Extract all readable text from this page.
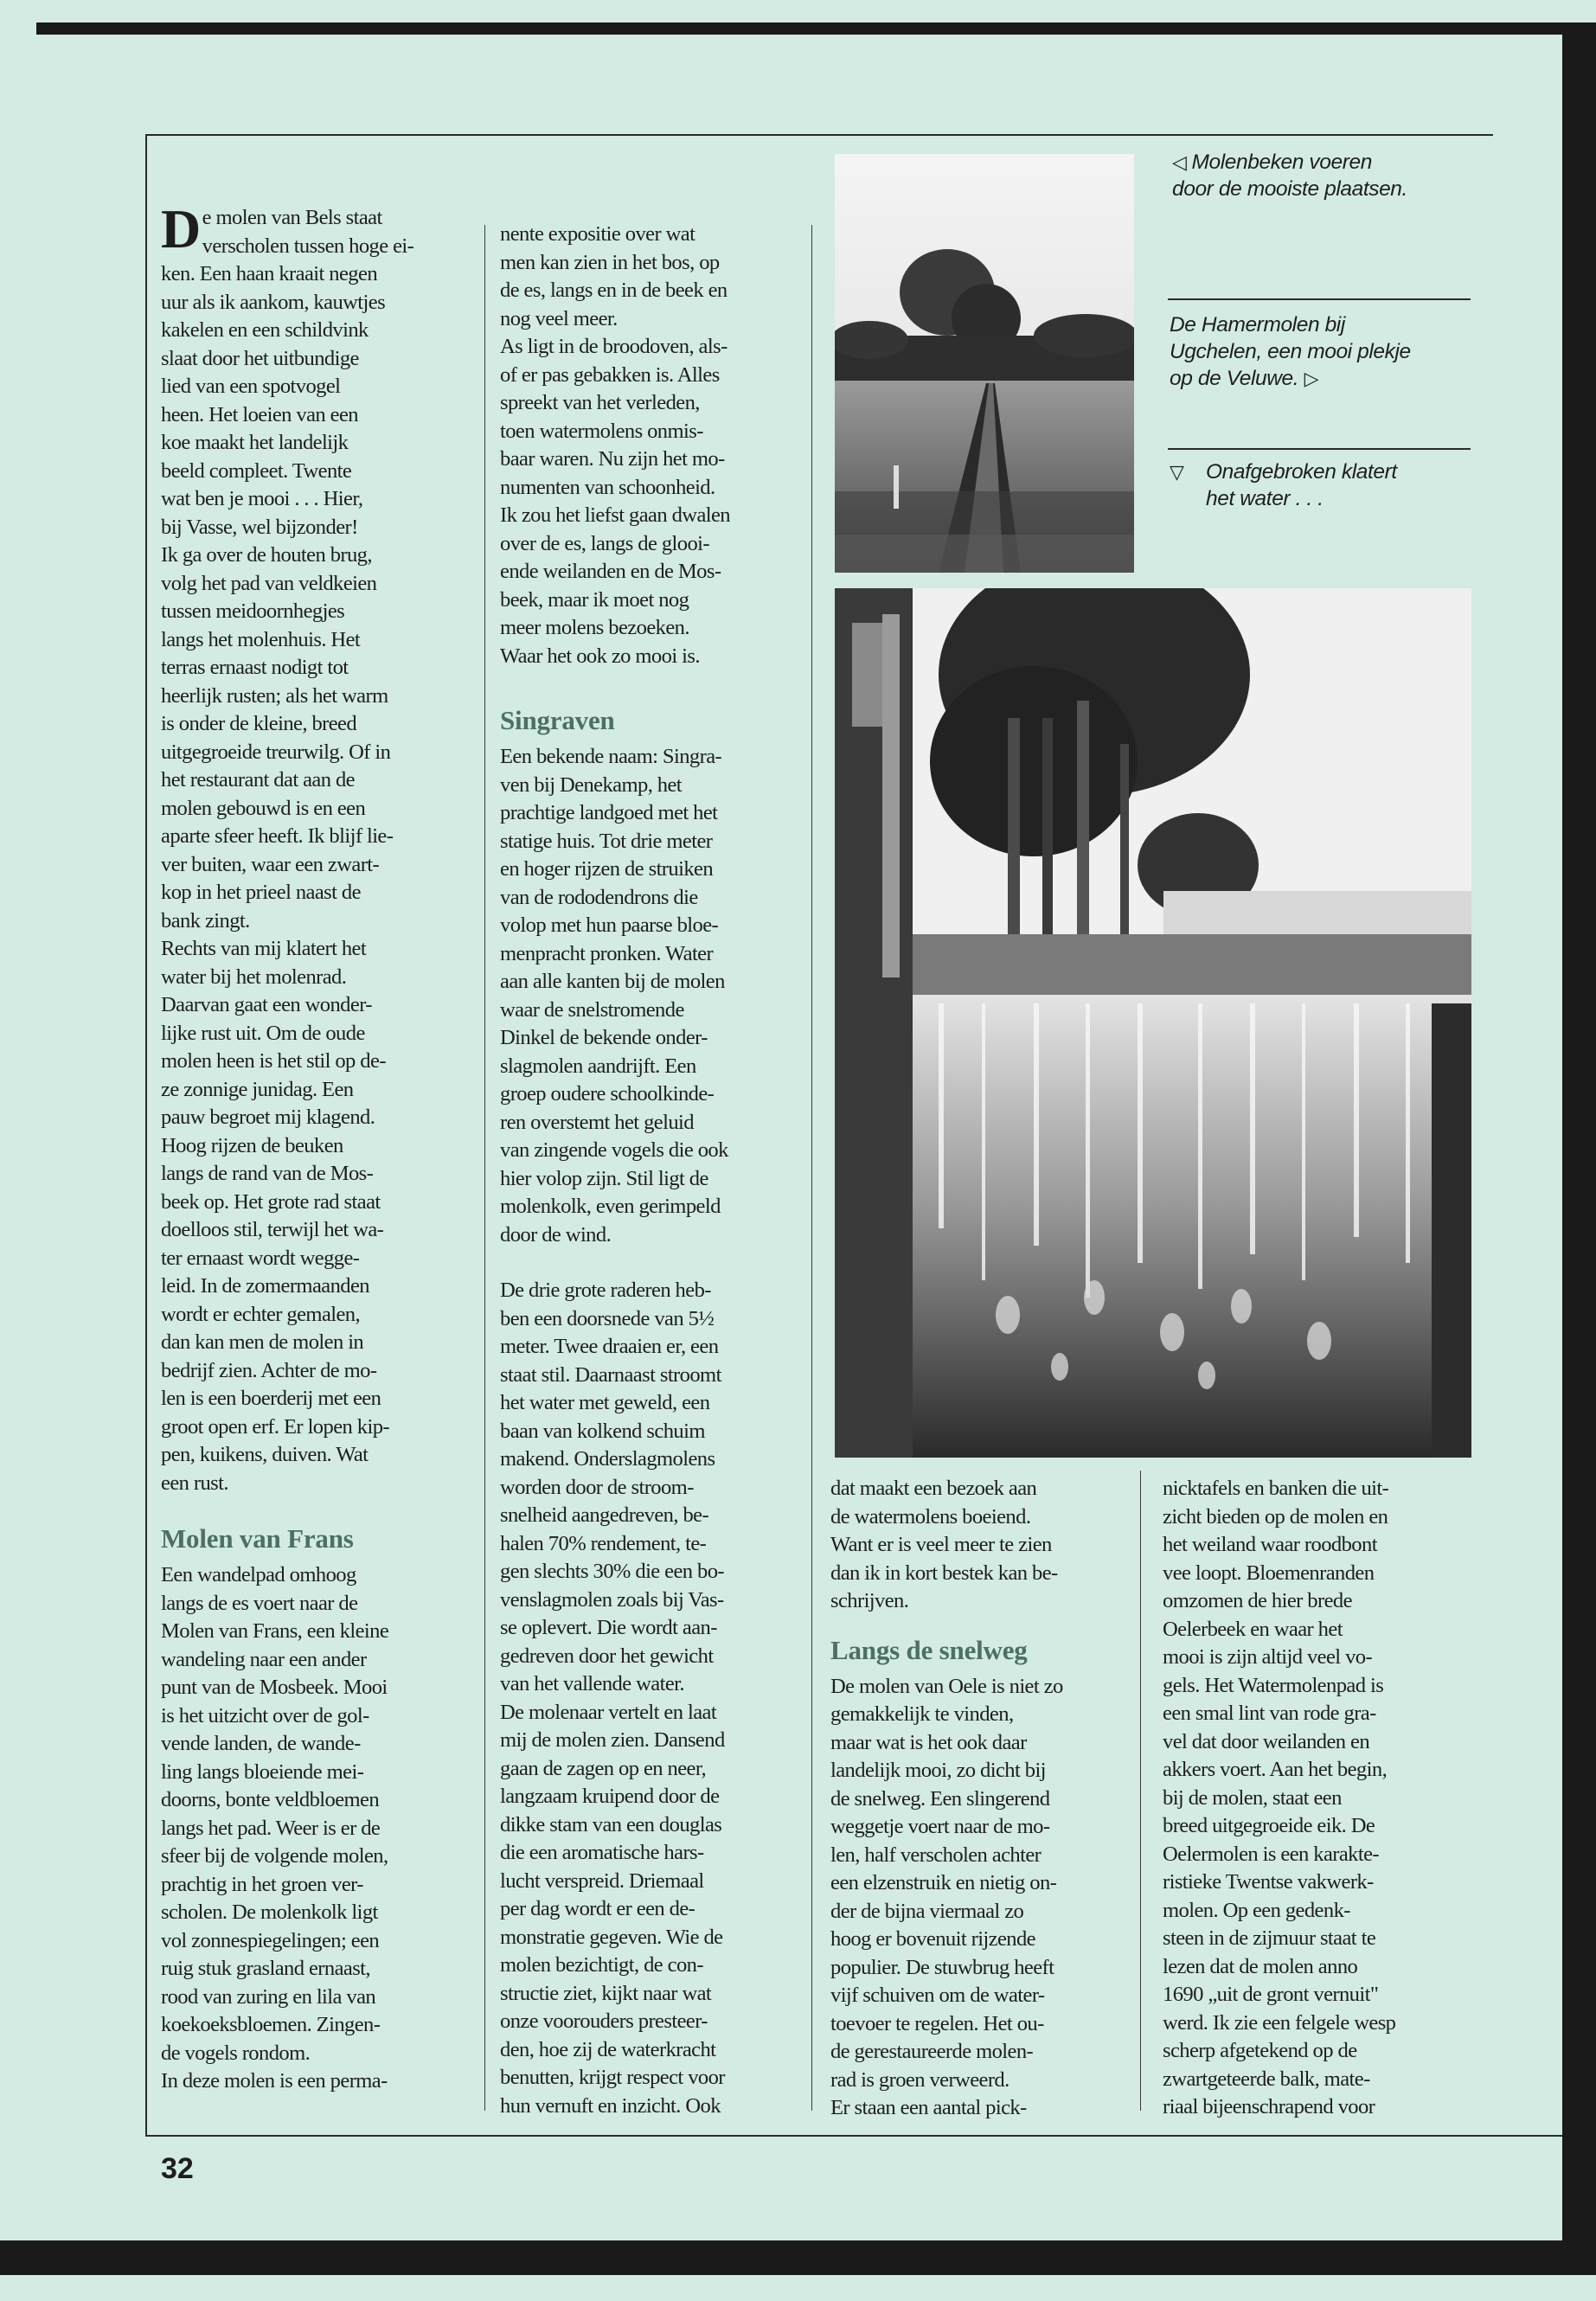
De molen van Bels staat
verscholen tussen hoge ei-
ken. Een haan kraait negen
uur als ik aankom, kauwtjes
kakelen en een schildvink
slaat door het uitbundige
lied van een spotvogel
heen. Het loeien van een
koe maakt het landelijk
beeld compleet. Twente
wat ben je mooi . . . Hier,
bij Vasse, wel bijzonder!

Ik ga over de houten brug,
volg het pad van veldkeien
tussen meidoornhegjes
langs het molenhuis. Het
terras ernaast nodigt tot
heerlijk rusten; als het warm
is onder de kleine, breed
uitgegroeide treurwilg. Of in
het restaurant dat aan de
molen gebouwd is en een
aparte sfeer heeft. Ik blijf lie-
ver buiten, waar een zwart-
kop in het prieel naast de
bank zingt.

Rechts van mij klatert het
water bij het molenrad.
Daarvan gaat een wonder-
lijke rust uit. Om de oude
molen heen is het stil op de-
ze zonnige junidag. Een
pauw begroet mij klagend.
Hoog rijzen de beuken
langs de rand van de Mos-
beek op. Het grote rad staat
doelloos stil, terwijl het wa-
ter ernaast wordt wegge-
leid. In de zomermaanden
wordt er echter gemalen,
dan kan men de molen in
bedrijf zien. Achter de mo-
len is een boerderij met een
groot open erf. Er lopen kip-
pen, kuikens, duiven. Wat
een rust.

Molen van Frans

Een wandelpad omhoog
langs de es voert naar de
Molen van Frans, een kleine
wandeling naar een ander
punt van de Mosbeek. Mooi
is het uitzicht over de gol-
vende landen, de wande-
ling langs bloeiende mei-
doorns, bonte veldbloemen
langs het pad. Weer is er de
sfeer bij de volgende molen,
prachtig in het groen ver-
scholen. De molenkolk ligt
vol zonnespiegelingen; een
ruig stuk grasland ernaast,
rood van zuring en lila van
koekoeksbloemen. Zingen-
de vogels rondom.

In deze molen is een perma-

nente expositie over wat
men kan zien in het bos, op
de es, langs en in de beek en
nog veel meer.

As ligt in de broodoven, als-
of er pas gebakken is. Alles
spreekt van het verleden,
toen watermolens onmis-
baar waren. Nu zijn het mo-
numenten van schoonheid.
Ik zou het liefst gaan dwalen
over de es, langs de glooi-
ende weilanden en de Mos-
beek, maar ik moet nog
meer molens bezoeken.
Waar het ook zo mooi is.

Singraven

Een bekende naam: Singra-
ven bij Denekamp, het
prachtige landgoed met het
statige huis. Tot drie meter
en hoger rijzen de struiken
van de rododendrons die
volop met hun paarse bloe-
menpracht pronken. Water
aan alle kanten bij de molen
waar de snelstromende
Dinkel de bekende onder-
slagmolen aandrijft. Een
groep oudere schoolkinde-
ren overstemt het geluid
van zingende vogels die ook
hier volop zijn. Stil ligt de
molenkolk, even gerimpeld
door de wind.

De drie grote raderen heb-
ben een doorsnede van 5½
meter. Twee draaien er, een
staat stil. Daarnaast stroomt
het water met geweld, een
baan van kolkend schuim
makend. Onderslagmolens
worden door de stroom-
snelheid aangedreven, be-
halen 70% rendement, te-
gen slechts 30% die een bo-
venslagmolen zoals bij Vas-
se oplevert. Die wordt aan-
gedreven door het gewicht
van het vallende water.

De molenaar vertelt en laat
mij de molen zien. Dansend
gaan de zagen op en neer,
langzaam kruipend door de
dikke stam van een douglas
die een aromatische hars-
lucht verspreid. Driemaal
per dag wordt er een de-
monstratie gegeven. Wie de
molen bezichtigt, de con-
structie ziet, kijkt naar wat
onze voorouders presteer-
den, hoe zij de waterkracht
benutten, krijgt respect voor
hun vernuft en inzicht. Ook

dat maakt een bezoek aan
de watermolens boeiend.
Want er is veel meer te zien
dan ik in kort bestek kan be-
schrijven.

Langs de snelweg

De molen van Oele is niet zo
gemakkelijk te vinden,
maar wat is het ook daar
landelijk mooi, zo dicht bij
de snelweg. Een slingerend
weggetje voert naar de mo-
len, half verscholen achter
een elzenstruik en nietig on-
der de bijna viermaal zo
hoog er bovenuit rijzende
populier. De stuwbrug heeft
vijf schuiven om de water-
toevoer te regelen. Het ou-
de gerestaureerde molen-
rad is groen verweerd.

Er staan een aantal pick-

nicktafels en banken die uit-
zicht bieden op de molen en
het weiland waar roodbont
vee loopt. Bloemenranden
omzomen de hier brede
Oelerbeek en waar het
mooi is zijn altijd veel vo-
gels. Het Watermolenpad is
een smal lint van rode gra-
vel dat door weilanden en
akkers voert. Aan het begin,
bij de molen, staat een
breed uitgegroeide eik. De
Oelermolen is een karakte-
ristieke Twentse vakwerk-
molen. Op een gedenk-
steen in de zijmuur staat te
lezen dat de molen anno
1690 „uit de gront vernuit"
werd. Ik zie een felgele wesp
scherp afgetekend op de
zwartgeteerde balk, mate-
riaal bijeenschrapend voor

◁ Molenbeken voeren
door de mooiste plaatsen.
De Hamermolen bij
Ugchelen, een mooi plekje
op de Veluwe. ▷
▽ Onafgebroken klatert
het water . . .
32
